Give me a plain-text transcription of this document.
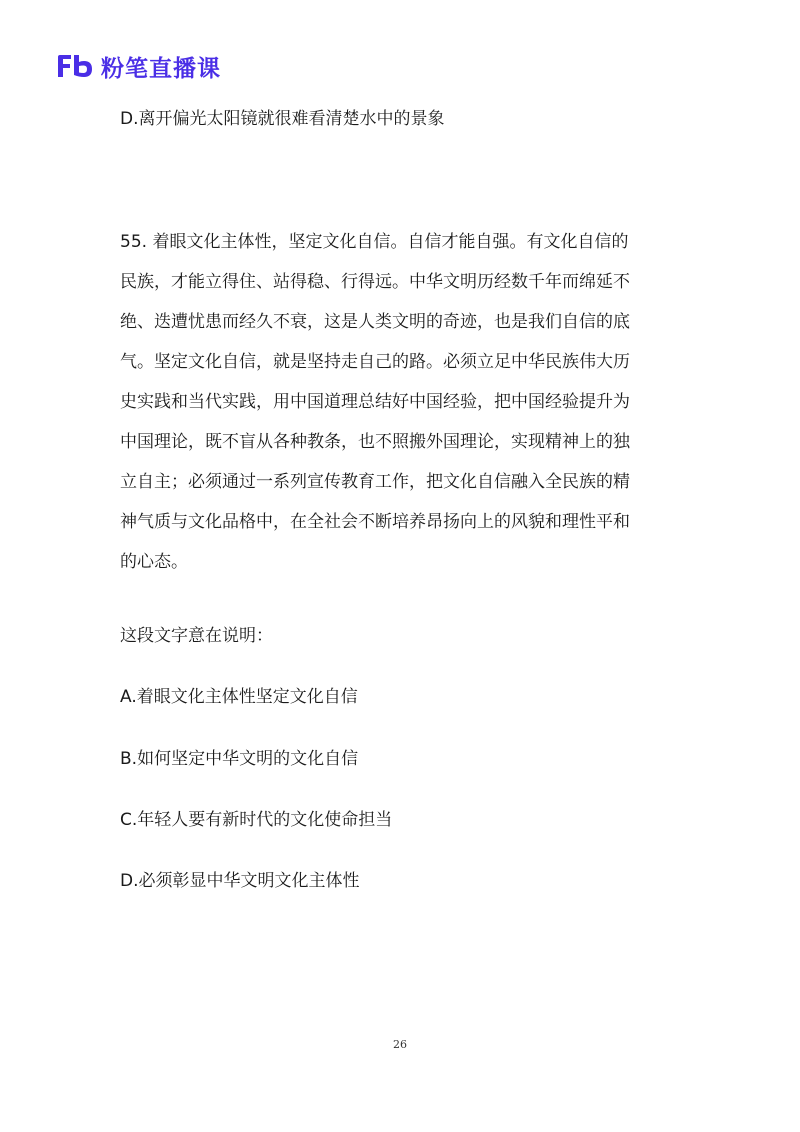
粉笔直播课

D.离开偏光太阳镜就很难看清楚水中的景象

55. 着眼文化主体性，坚定文化自信。自信才能自强。有文化自信的

民族，才能立得住、站得稳、行得远。中华文明历经数千年而绵延不

绝、迭遭忧患而经久不衰，这是人类文明的奇迹，也是我们自信的底

气。坚定文化自信，就是坚持走自己的路。必须立足中华民族伟大历

史实践和当代实践，用中国道理总结好中国经验，把中国经验提升为

中国理论，既不盲从各种教条，也不照搬外国理论，实现精神上的独

立自主；必须通过一系列宣传教育工作，把文化自信融入全民族的精

神气质与文化品格中，在全社会不断培养昂扬向上的风貌和理性平和

的心态。

这段文字意在说明：

A.着眼文化主体性坚定文化自信

B.如何坚定中华文明的文化自信

C.年轻人要有新时代的文化使命担当

D.必须彰显中华文明文化主体性

26
